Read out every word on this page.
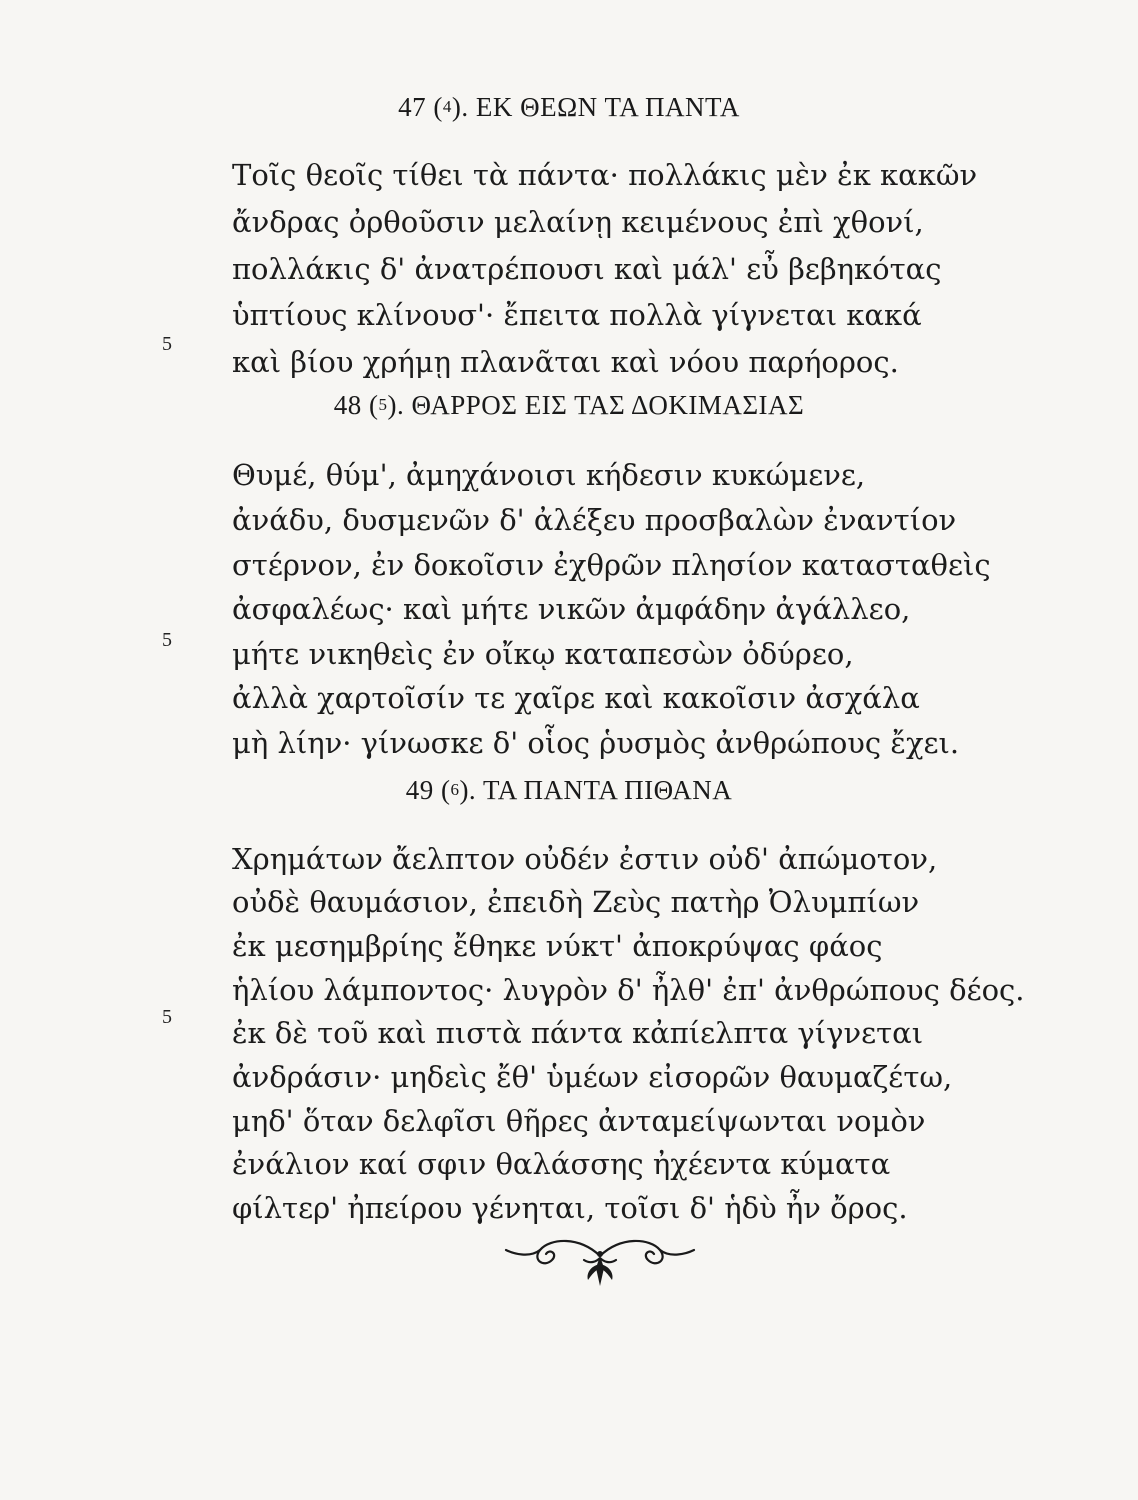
47 ($^4$). ΕΚ ΘΕΩΝ ΤΑ ΠΑΝΤΑ

Τοῖς θεοῖς τίθει τὰ πάντα· πολλάκις μὲν ἐκ κακῶν

ἄνδρας ὀρθοῦσιν μελαίνῃ κειμένους ἐπὶ χθονί,

πολλάκις δ' ἀνατρέπουσι καὶ μάλ' εὖ βεβηκότας

ὑπτίους κλίνουσ'· ἔπειτα πολλὰ γίγνεται κακά

καὶ βίου χρήμῃ πλανᾶται καὶ νόου παρήορος.

5
48 ($^5$). ΘΑΡΡΟΣ ΕΙΣ ΤΑΣ ΔΟΚΙΜΑΣΙΑΣ

Θυμέ, θύμ', ἀμηχάνοισι κήδεσιν κυκώμενε,

ἀνάδυ, δυσμενῶν δ' ἀλέξευ προσβαλὼν ἐναντίον

στέρνον, ἐν δοκοῖσιν ἐχθρῶν πλησίον κατασταθεὶς

ἀσφαλέως· καὶ μήτε νικῶν ἀμφάδην ἀγάλλεο,

μήτε νικηθεὶς ἐν οἴκῳ καταπεσὼν ὀδύρεο,

ἀλλὰ χαρτοῖσίν τε χαῖρε καὶ κακοῖσιν ἀσχάλα

μὴ λίην· γίνωσκε δ' οἷος ῥυσμὸς ἀνθρώπους ἔχει.

5
49 ($^6$). ΤΑ ΠΑΝΤΑ ΠΙΘΑΝΑ

Χρημάτων ἄελπτον οὐδέν ἐστιν οὐδ' ἀπώμοτον,

οὐδὲ θαυμάσιον, ἐπειδὴ Ζεὺς πατὴρ Ὀλυμπίων

ἐκ μεσημβρίης ἔθηκε νύκτ' ἀποκρύψας φάος

ἡλίου λάμποντος· λυγρὸν δ' ἦλθ' ἐπ' ἀνθρώπους δέος.

ἐκ δὲ τοῦ καὶ πιστὰ πάντα κἀπίελπτα γίγνεται

ἀνδράσιν· μηδεὶς ἔθ' ὑμέων εἰσορῶν θαυμαζέτω,

μηδ' ὅταν δελφῖσι θῆρες ἀνταμείψωνται νομὸν

ἐνάλιον καί σφιν θαλάσσης ἠχέεντα κύματα

φίλτερ' ἠπείρου γένηται, τοῖσι δ' ἡδὺ ἦν ὄρος.

5
